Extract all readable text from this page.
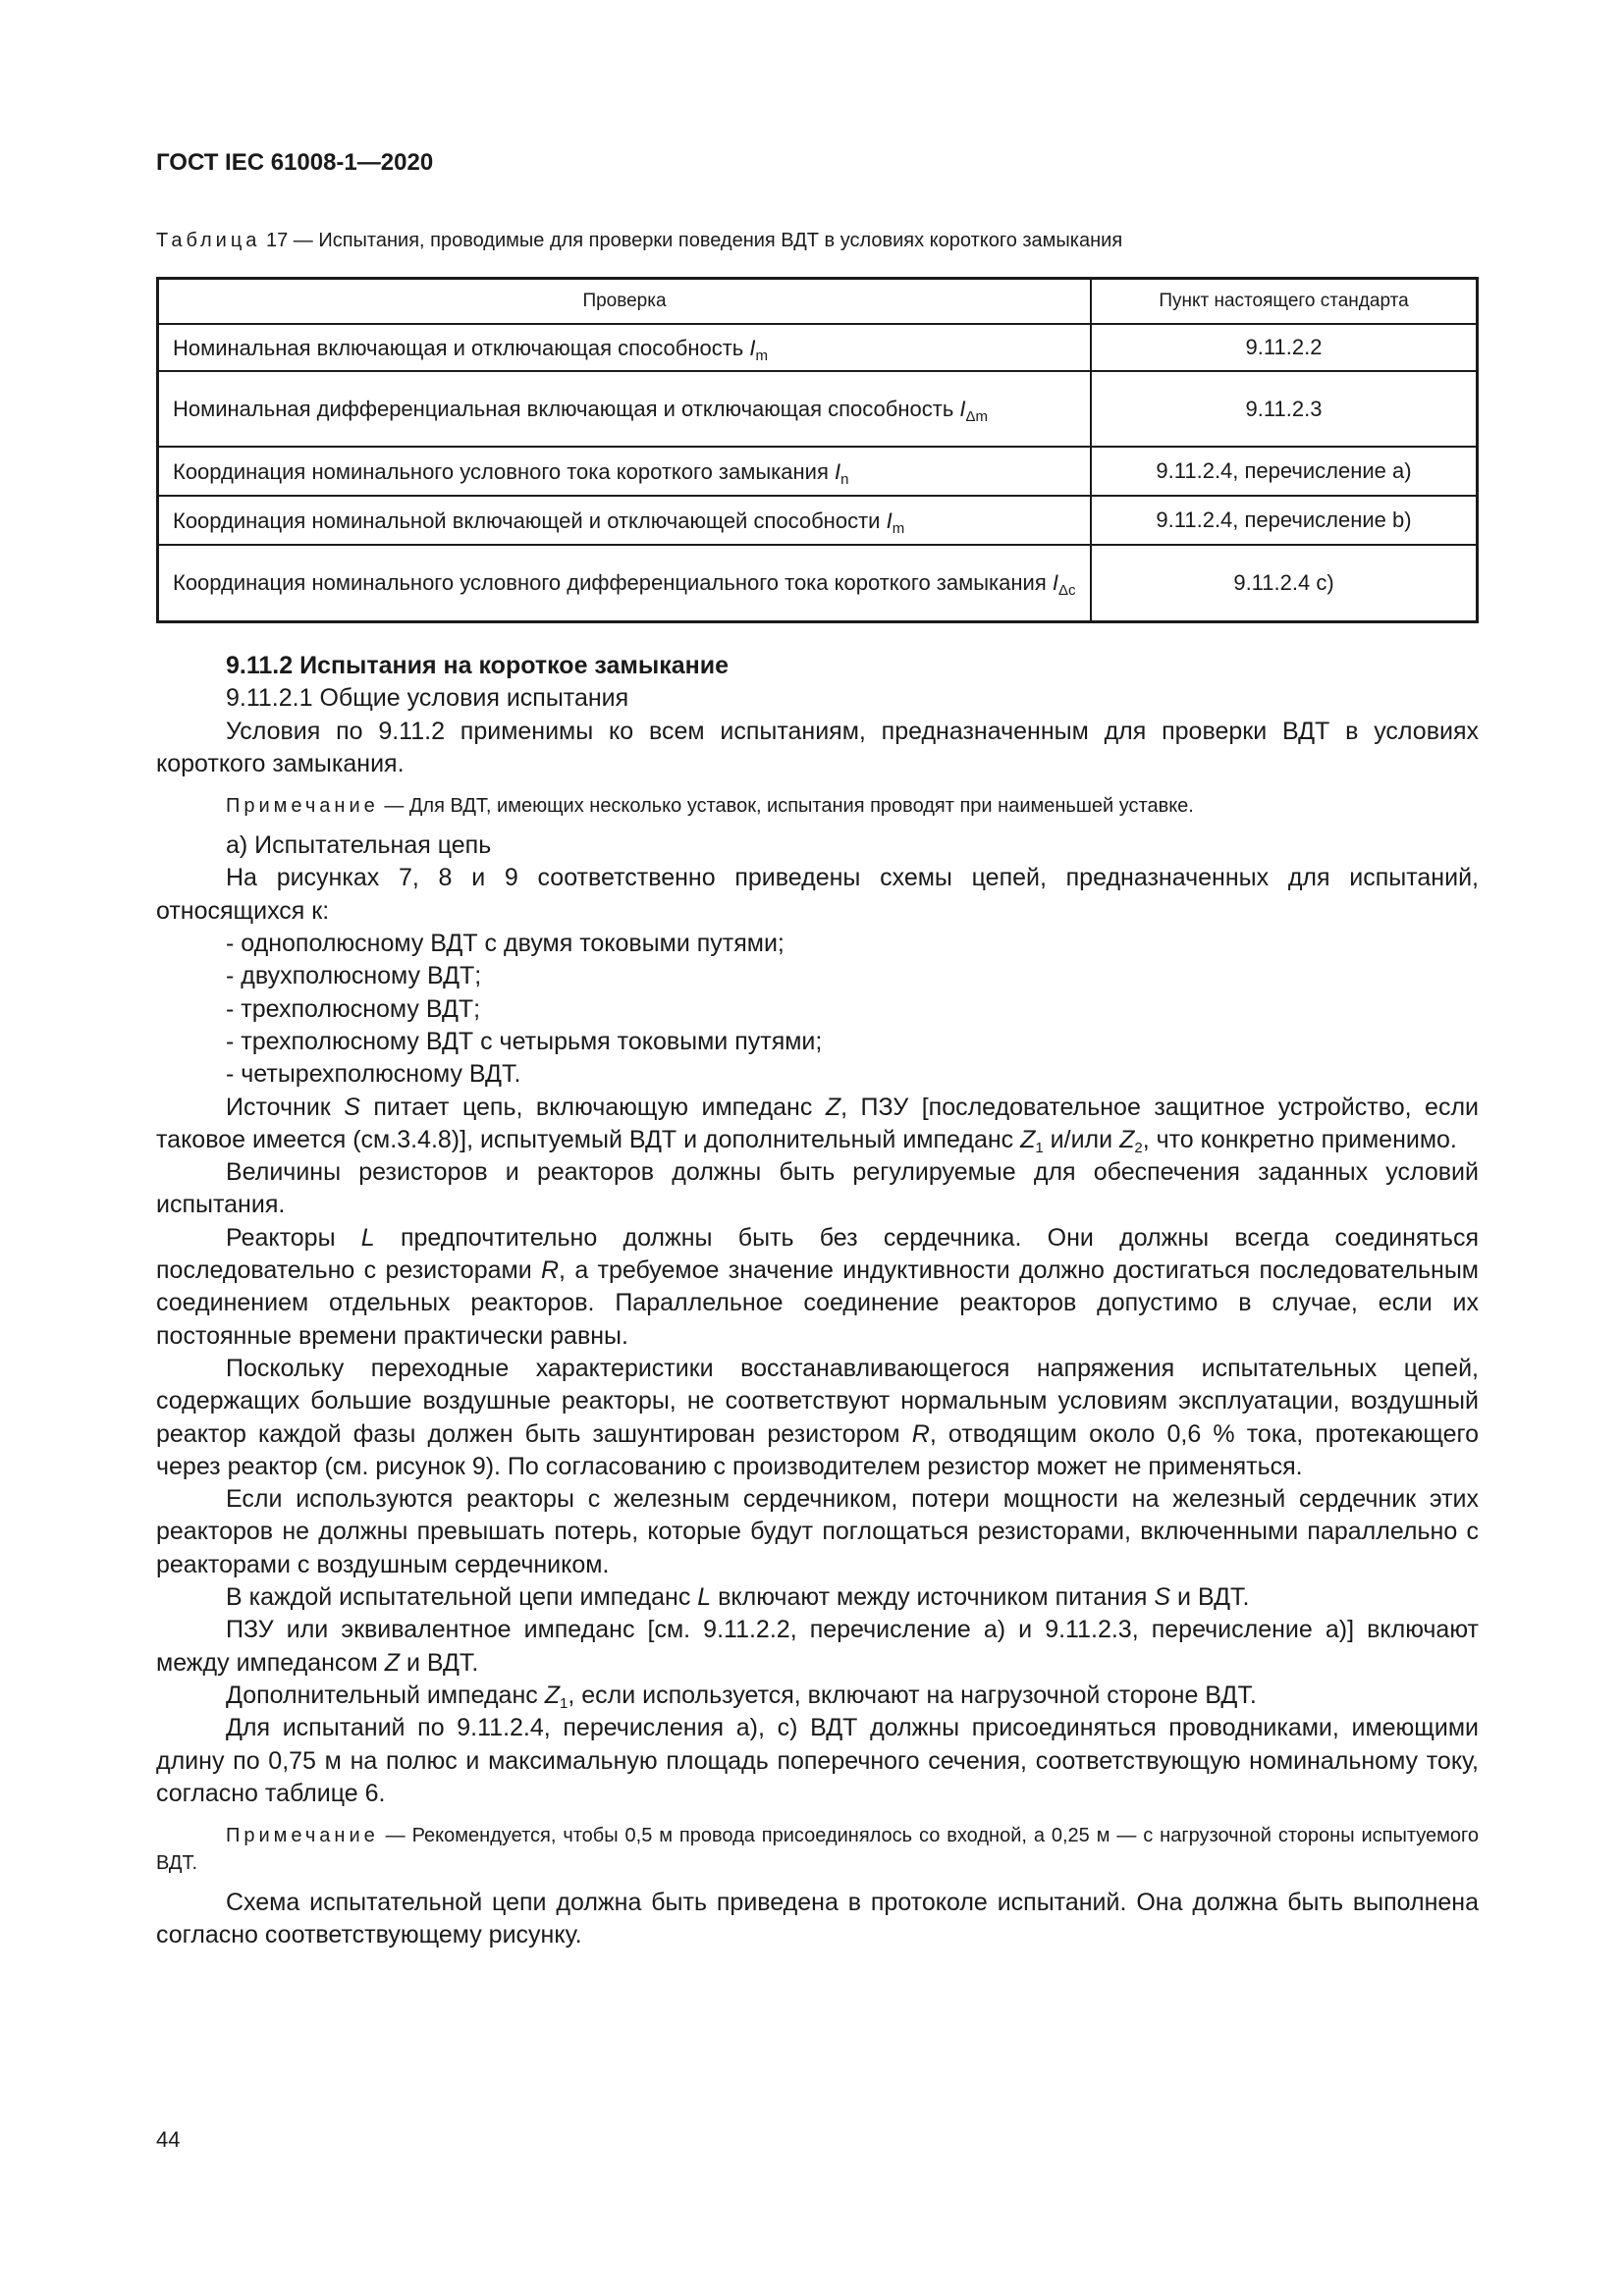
ГОСТ IEC 61008-1—2020

Таблица 17 — Испытания, проводимые для проверки поведения ВДТ в условиях короткого замыкания

Проверка	Пункт настоящего стандарта
Номинальная включающая и отключающая способность $I_m$	9.11.2.2
Номинальная дифференциальная включающая и отключающая способность $I_{\Delta m}$	9.11.2.3
Координация номинального условного тока короткого замыкания $I_n$	9.11.2.4, перечисление a)
Координация номинальной включающей и отключающей способности $I_m$	9.11.2.4, перечисление b)
Координация номинального условного дифференциального тока короткого замыкания $I_{\Delta c}$	9.11.2.4 c)

9.11.2 Испытания на короткое замыкание

9.11.2.1 Общие условия испытания

Условия по 9.11.2 применимы ко всем испытаниям, предназначенным для проверки ВДТ в условиях короткого замыкания.

Примечание — Для ВДТ, имеющих несколько уставок, испытания проводят при наименьшей уставке.

a) Испытательная цепь

На рисунках 7, 8 и 9 соответственно приведены схемы цепей, предназначенных для испытаний, относящихся к:

- однополюсному ВДТ с двумя токовыми путями;

- двухполюсному ВДТ;

- трехполюсному ВДТ;

- трехполюсному ВДТ с четырьмя токовыми путями;

- четырехполюсному ВДТ.

Источник S питает цепь, включающую импеданс Z, ПЗУ [последовательное защитное устройство, если таковое имеется (см.3.4.8)], испытуемый ВДТ и дополнительный импеданс $Z_1$ и/или $Z_2$, что конкретно применимо.

Величины резисторов и реакторов должны быть регулируемые для обеспечения заданных условий испытания.

Реакторы L предпочтительно должны быть без сердечника. Они должны всегда соединяться последовательно с резисторами R, а требуемое значение индуктивности должно достигаться последовательным соединением отдельных реакторов. Параллельное соединение реакторов допустимо в случае, если их постоянные времени практически равны.

Поскольку переходные характеристики восстанавливающегося напряжения испытательных цепей, содержащих большие воздушные реакторы, не соответствуют нормальным условиям эксплуатации, воздушный реактор каждой фазы должен быть зашунтирован резистором R, отводящим около 0,6 % тока, протекающего через реактор (см. рисунок 9). По согласованию с производителем резистор может не применяться.

Если используются реакторы с железным сердечником, потери мощности на железный сердечник этих реакторов не должны превышать потерь, которые будут поглощаться резисторами, включенными параллельно с реакторами с воздушным сердечником.

В каждой испытательной цепи импеданс L включают между источником питания S и ВДТ.

ПЗУ или эквивалентное импеданс [см. 9.11.2.2, перечисление a) и 9.11.2.3, перечисление a)] включают между импедансом Z и ВДТ.

Дополнительный импеданс $Z_1$, если используется, включают на нагрузочной стороне ВДТ.

Для испытаний по 9.11.2.4, перечисления a), c) ВДТ должны присоединяться проводниками, имеющими длину по 0,75 м на полюс и максимальную площадь поперечного сечения, соответствующую номинальному току, согласно таблице 6.

Примечание — Рекомендуется, чтобы 0,5 м провода присоединялось со входной, а 0,25 м — с нагрузочной стороны испытуемого ВДТ.

Схема испытательной цепи должна быть приведена в протоколе испытаний. Она должна быть выполнена согласно соответствующему рисунку.

44
